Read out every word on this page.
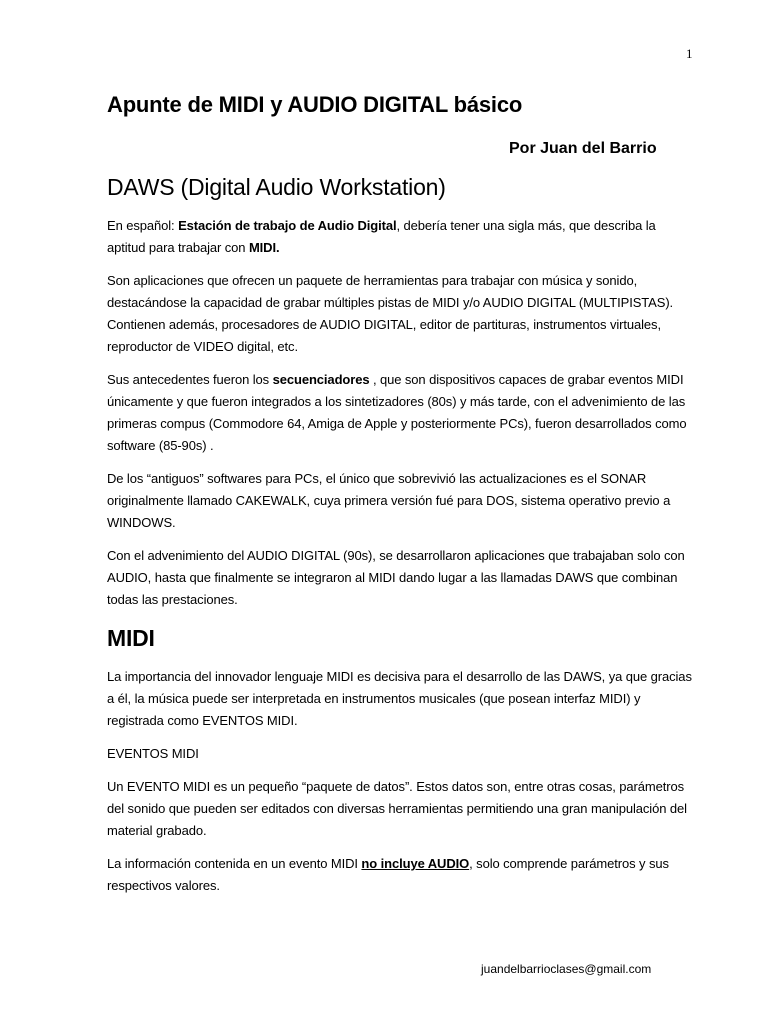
1
Apunte de MIDI y AUDIO DIGITAL básico
Por Juan del Barrio
DAWS (Digital Audio Workstation)

En español: Estación de trabajo de Audio Digital, debería tener una sigla más, que describa la aptitud para trabajar con MIDI.

Son aplicaciones que ofrecen un paquete de herramientas para trabajar con música y sonido, destacándose la capacidad de grabar múltiples pistas de MIDI y/o AUDIO DIGITAL (MULTIPISTAS). Contienen además, procesadores de AUDIO DIGITAL, editor de partituras, instrumentos virtuales, reproductor de VIDEO digital, etc.

Sus antecedentes fueron los secuenciadores , que son dispositivos capaces de grabar eventos MIDI únicamente y que fueron integrados a los sintetizadores (80s) y más tarde, con el advenimiento de las primeras compus (Commodore 64, Amiga de Apple y posteriormente PCs), fueron desarrollados como software (85-90s) .

De los “antiguos” softwares para PCs, el único que sobrevivió las actualizaciones es el SONAR originalmente llamado CAKEWALK, cuya primera versión fué para DOS, sistema operativo previo a WINDOWS.

Con el advenimiento del AUDIO DIGITAL (90s), se desarrollaron aplicaciones que trabajaban solo con AUDIO, hasta que finalmente se integraron al MIDI dando lugar a las llamadas DAWS que combinan todas las prestaciones.

MIDI

La importancia del innovador lenguaje MIDI es decisiva para el desarrollo de las DAWS, ya que gracias a él, la música puede ser interpretada en instrumentos musicales (que posean interfaz MIDI) y registrada como EVENTOS MIDI.

EVENTOS MIDI

Un EVENTO MIDI es un pequeño “paquete de datos”. Estos datos son, entre otras cosas, parámetros del sonido que pueden ser editados con diversas herramientas permitiendo una gran manipulación del material grabado.

La información contenida en un evento MIDI no incluye AUDIO, solo comprende parámetros y sus respectivos valores.

juandelbarrioclases@gmail.com
